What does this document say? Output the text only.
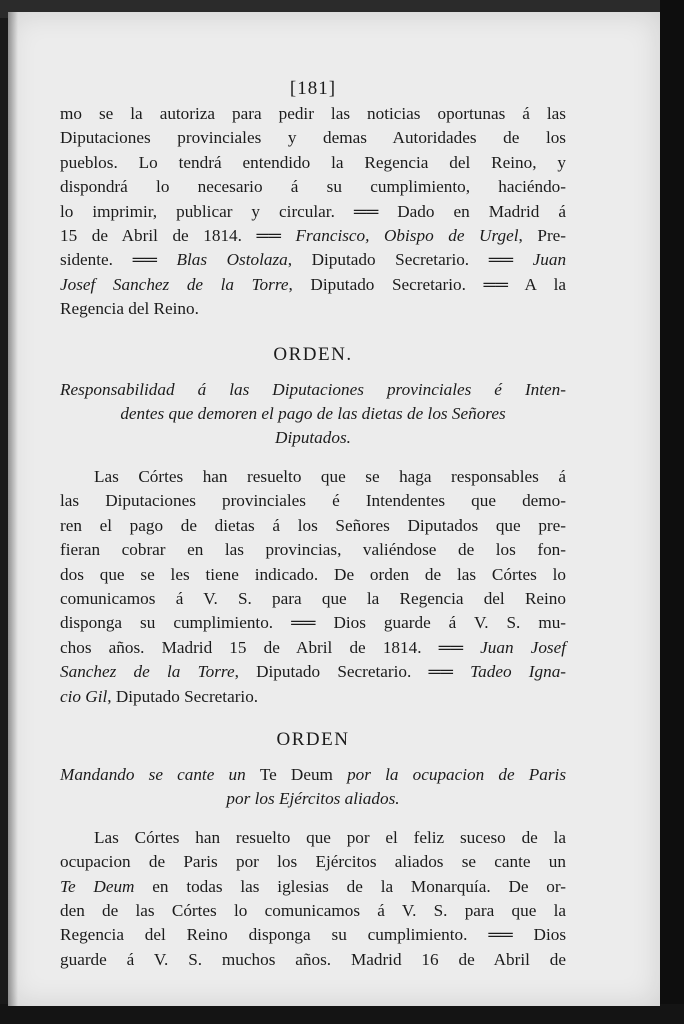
[181]
mo se la autoriza para pedir las noticias oportunas á las
Diputaciones provinciales y demas Autoridades de los
pueblos. Lo tendrá entendido la Regencia del Reino, y
dispondrá lo necesario á su cumplimiento, haciéndo-
lo imprimir, publicar y circular. ══ Dado en Madrid á
15 de Abril de 1814. ══ Francisco, Obispo de Urgel, Pre-
sidente. ══ Blas Ostolaza, Diputado Secretario. ══ Juan
Josef Sanchez de la Torre, Diputado Secretario. ══ A la
Regencia del Reino.
ORDEN.
Responsabilidad á las Diputaciones provinciales é Inten-
dentes que demoren el pago de las dietas de los Señores
Diputados.
Las Córtes han resuelto que se haga responsables á
las Diputaciones provinciales é Intendentes que demo-
ren el pago de dietas á los Señores Diputados que pre-
fieran cobrar en las provincias, valiéndose de los fon-
dos que se les tiene indicado. De orden de las Córtes lo
comunicamos á V. S. para que la Regencia del Reino
disponga su cumplimiento. ══ Dios guarde á V. S. mu-
chos años. Madrid 15 de Abril de 1814. ══ Juan Josef
Sanchez de la Torre, Diputado Secretario. ══ Tadeo Igna-
cio Gil, Diputado Secretario.
ORDEN
Mandando se cante un Te Deum por la ocupacion de Paris
por los Ejércitos aliados.
Las Córtes han resuelto que por el feliz suceso de la
ocupacion de Paris por los Ejércitos aliados se cante un
Te Deum en todas las iglesias de la Monarquía. De or-
den de las Córtes lo comunicamos á V. S. para que la
Regencia del Reino disponga su cumplimiento. ══ Dios
guarde á V. S. muchos años. Madrid 16 de Abril de
